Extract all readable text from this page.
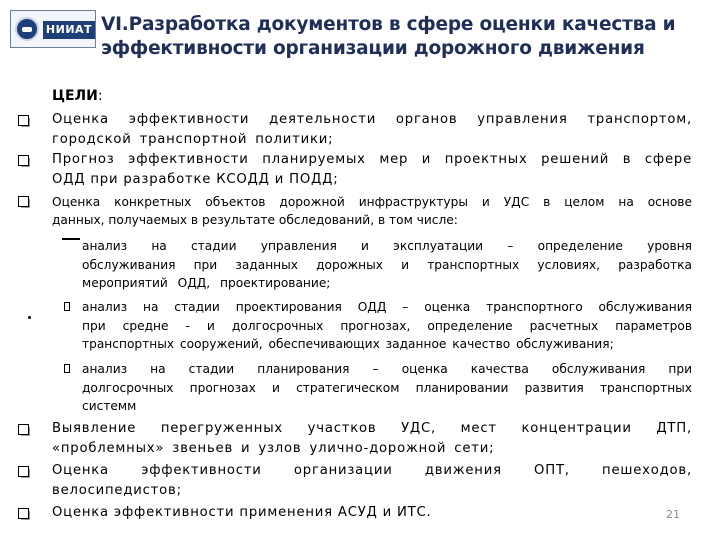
НИИАТ VI.Разработка документов в сфере оценки качества и
эффективности организации дорожного движения
ЦЕЛИ:
Оценка эффективности деятельности органов управления транспортом,
городской транспортной политики;
Прогноз эффективности планируемых мер и проектных решений в сфере
ОДД при разработке КСОДД и ПОДД;
Оценка конкретных объектов дорожной инфраструктуры и УДС в целом на основе
данных, получаемых в результате обследований, в том числе:
анализ на стадии управления и эксплуатации – определение уровня
обслуживания при заданных дорожных и транспортных условиях, разработка
мероприятий ОДД, проектирование;
анализ на стадии проектирования ОДД – оценка транспортного обслуживания
при средне - и долгосрочных прогнозах, определение расчетных параметров
транспортных сооружений, обеспечивающих заданное качество обслуживания;
анализ на стадии планирования – оценка качества обслуживания при
долгосрочных прогнозах и стратегическом планировании развития транспортных
системм
Выявление перегруженных участков УДС, мест концентрации ДТП,
«проблемных» звеньев и узлов улично-дорожной сети;
Оценка эффективности организации движения ОПТ, пешеходов,
велосипедистов;
Оценка эффективности применения АСУД и ИТС.	21
